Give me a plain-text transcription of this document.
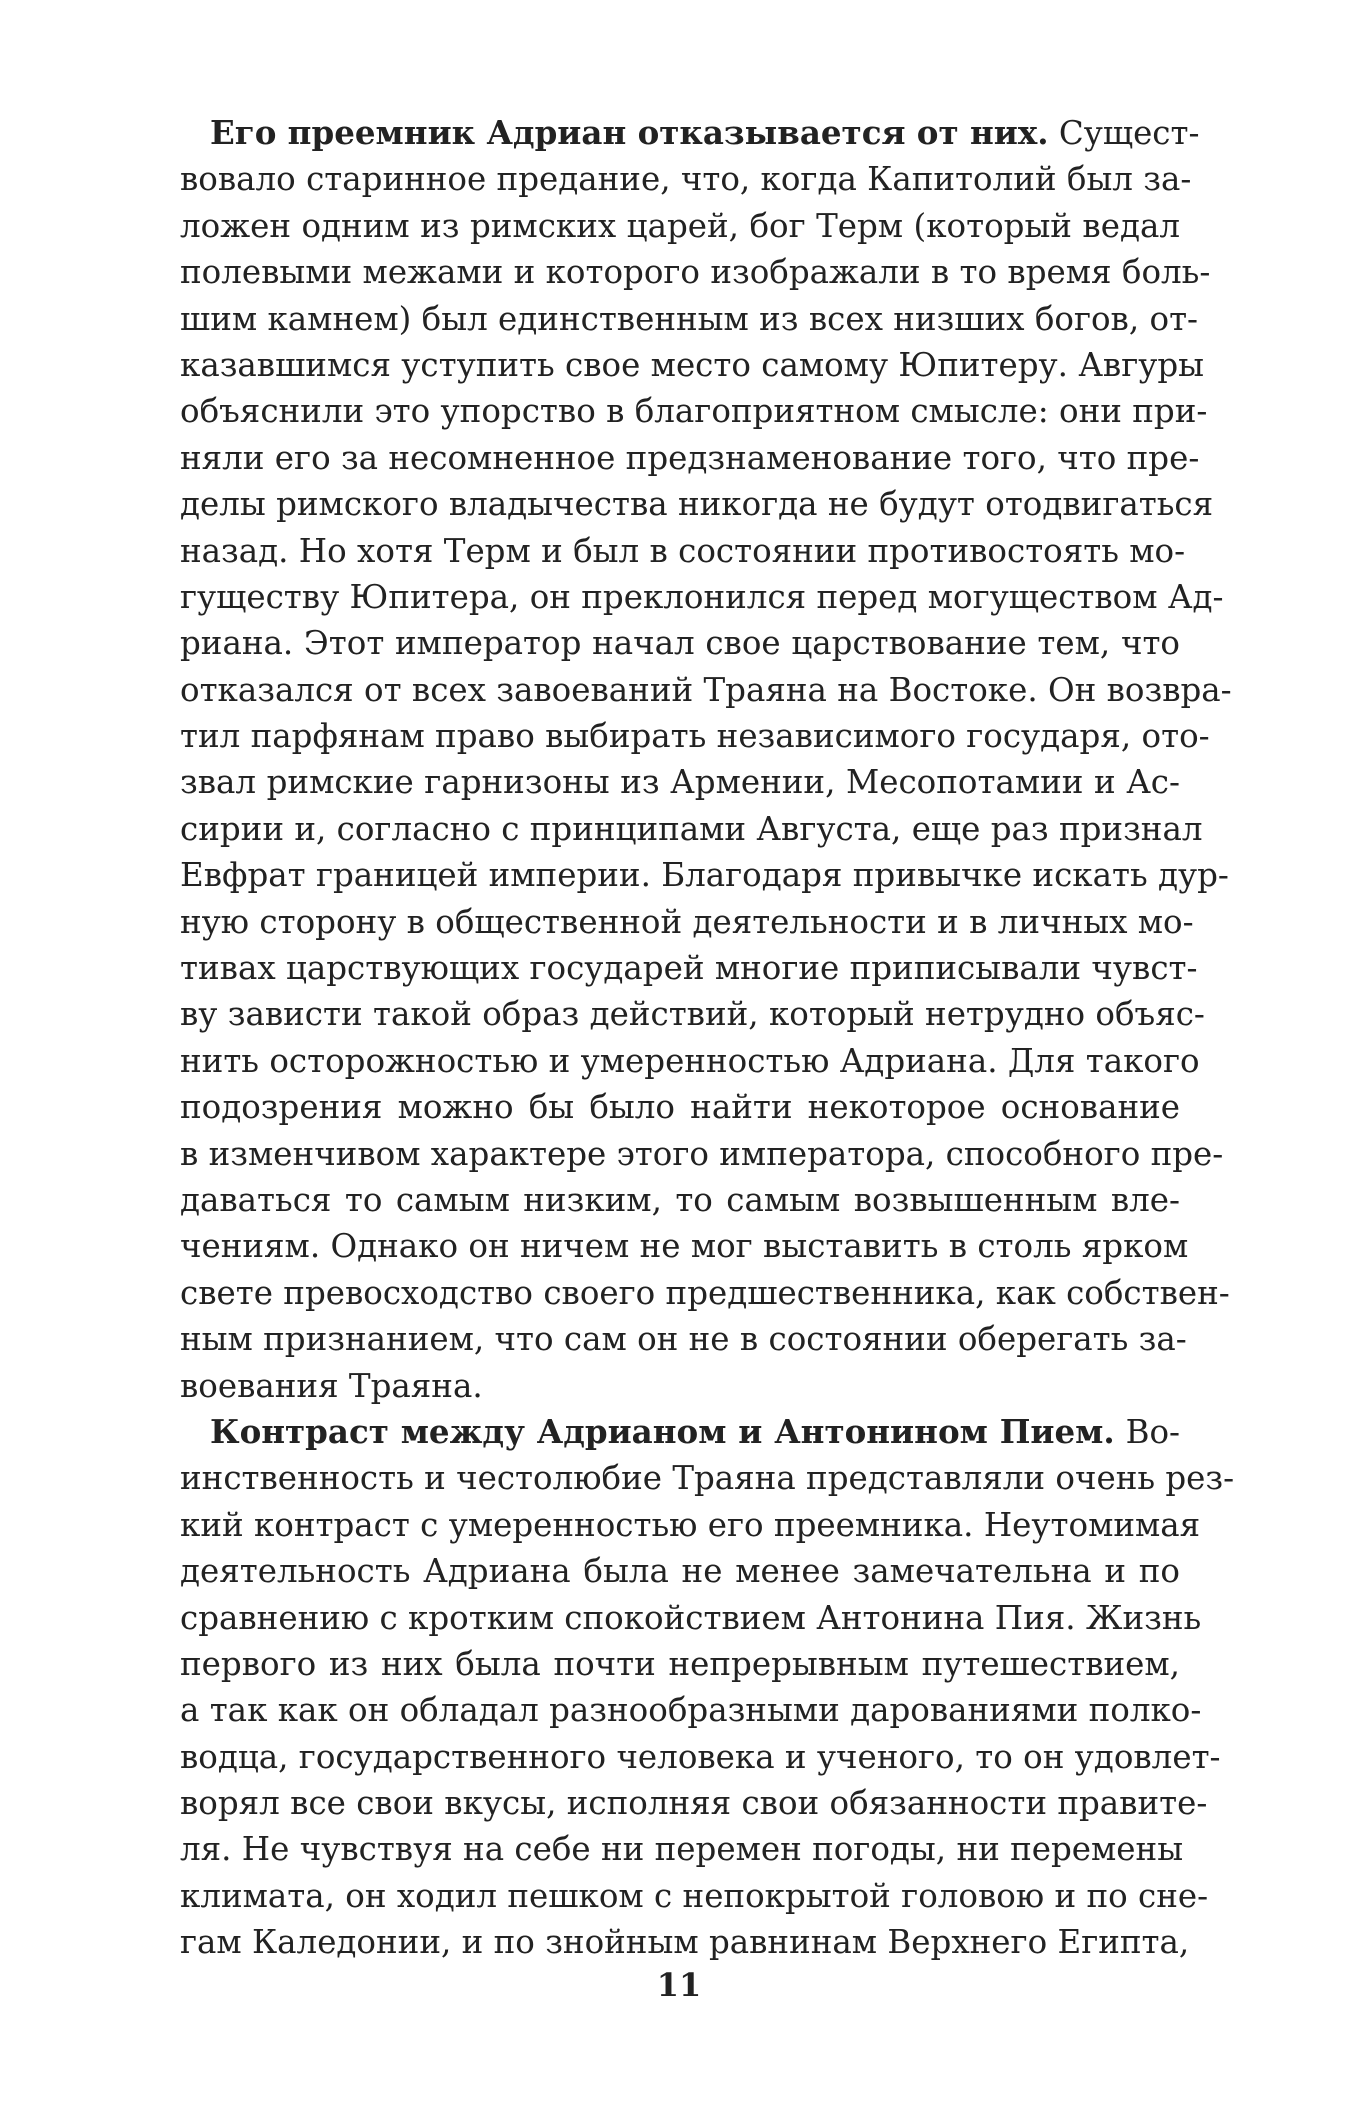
Его преемник Адриан отказывается от них. Сущест-
вовало старинное предание, что, когда Капитолий был за-
ложен одним из римских царей, бог Терм (который ведал
полевыми межами и которого изображали в то время боль-
шим камнем) был единственным из всех низших богов, от-
казавшимся уступить свое место самому Юпитеру. Авгуры
объяснили это упорство в благоприятном смысле: они при-
няли его за несомненное предзнаменование того, что пре-
делы римского владычества никогда не будут отодвигаться
назад. Но хотя Терм и был в состоянии противостоять мо-
гуществу Юпитера, он преклонился перед могуществом Ад-
риана. Этот император начал свое царствование тем, что
отказался от всех завоеваний Траяна на Востоке. Он возвра-
тил парфянам право выбирать независимого государя, ото-
звал римские гарнизоны из Армении, Месопотамии и Ас-
сирии и, согласно с принципами Августа, еще раз признал
Евфрат границей империи. Благодаря привычке искать дур-
ную сторону в общественной деятельности и в личных мо-
тивах царствующих государей многие приписывали чувст-
ву зависти такой образ действий, который нетрудно объяс-
нить осторожностью и умеренностью Адриана. Для такого
подозрения можно бы было найти некоторое основание
в изменчивом характере этого императора, способного пре-
даваться то самым низким, то самым возвышенным вле-
чениям. Однако он ничем не мог выставить в столь ярком
свете превосходство своего предшественника, как собствен-
ным признанием, что сам он не в состоянии оберегать за-
воевания Траяна.
Контраст между Адрианом и Антонином Пием. Во-
инственность и честолюбие Траяна представляли очень рез-
кий контраст с умеренностью его преемника. Неутомимая
деятельность Адриана была не менее замечательна и по
сравнению с кротким спокойствием Антонина Пия. Жизнь
первого из них была почти непрерывным путешествием,
а так как он обладал разнообразными дарованиями полко-
водца, государственного человека и ученого, то он удовлет-
ворял все свои вкусы, исполняя свои обязанности правите-
ля. Не чувствуя на себе ни перемен погоды, ни перемены
климата, он ходил пешком с непокрытой головою и по сне-
гам Каледонии, и по знойным равнинам Верхнего Египта,
11
